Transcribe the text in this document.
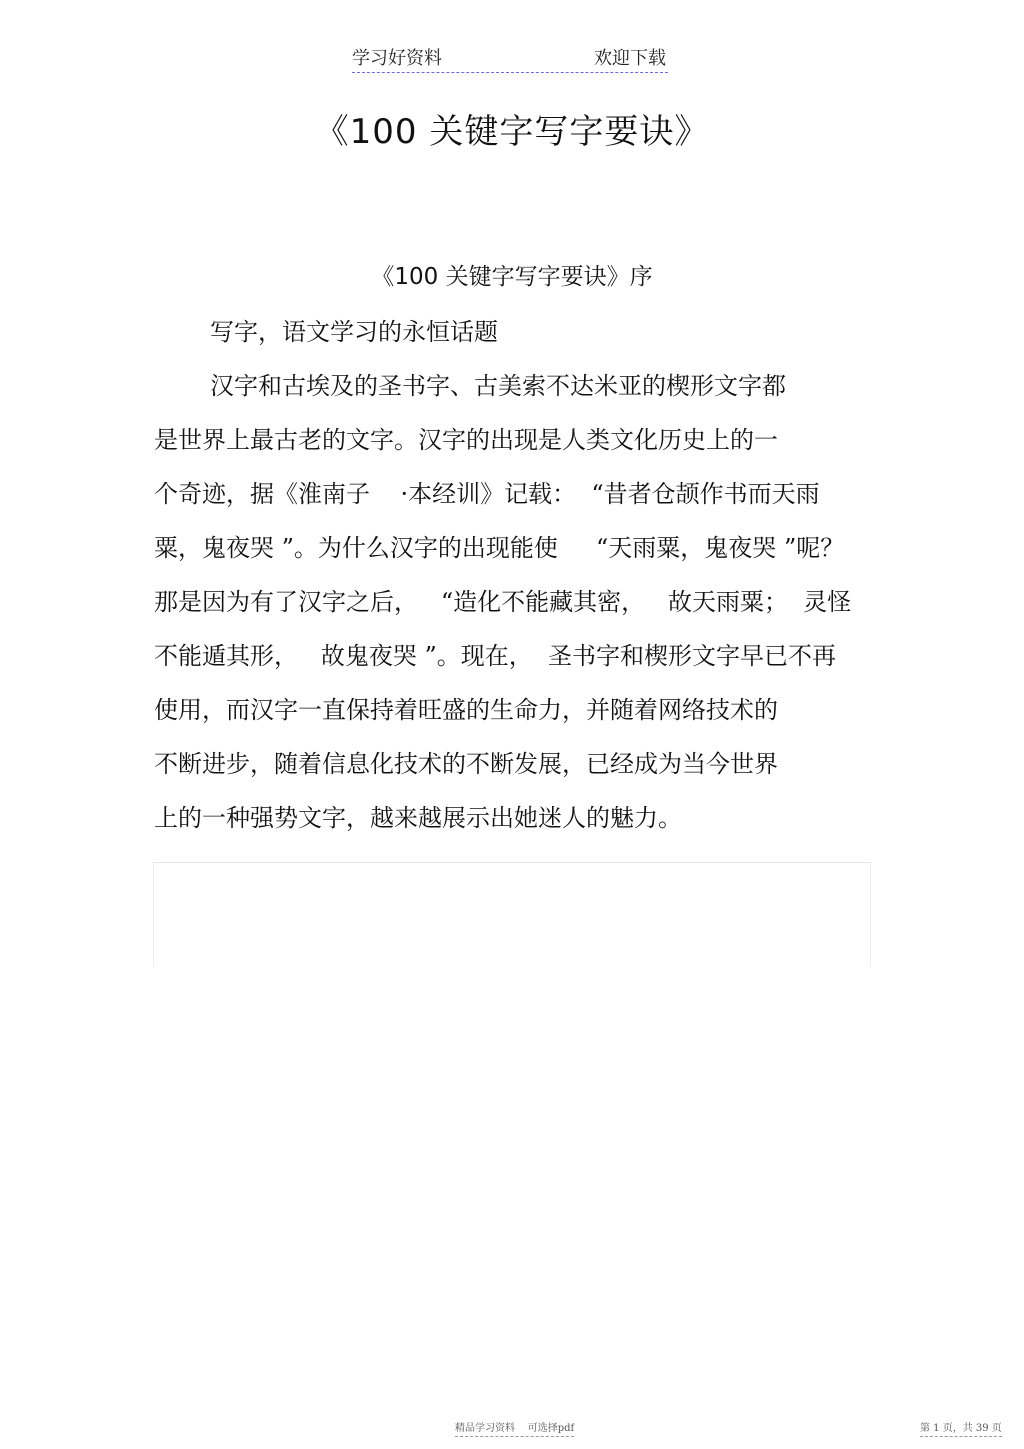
学习好资料	欢迎下载
《100 关键字写字要诀》
《100 关键字写字要诀》序
写字，语文学习的永恒话题
汉字和古埃及的圣书字、古美索不达米亚的楔形文字都
是世界上最古老的文字。汉字的出现是人类文化历史上的一
个奇迹，据《淮南子    ·本经训》记载：  “昔者仓颉作书而天雨
粟，鬼夜哭 ”。为什么汉字的出现能使     “天雨粟，鬼夜哭 ”呢？
那是因为有了汉字之后，   “造化不能藏其密，   故天雨粟；  灵怪
不能遁其形，   故鬼夜哭 ”。现在，  圣书字和楔形文字早已不再
使用，而汉字一直保持着旺盛的生命力，并随着网络技术的
不断进步，随着信息化技术的不断发展，已经成为当今世界
上的一种强势文字，越来越展示出她迷人的魅力。
精品学习资料    可选择pdf	第 1 页，共 39 页
